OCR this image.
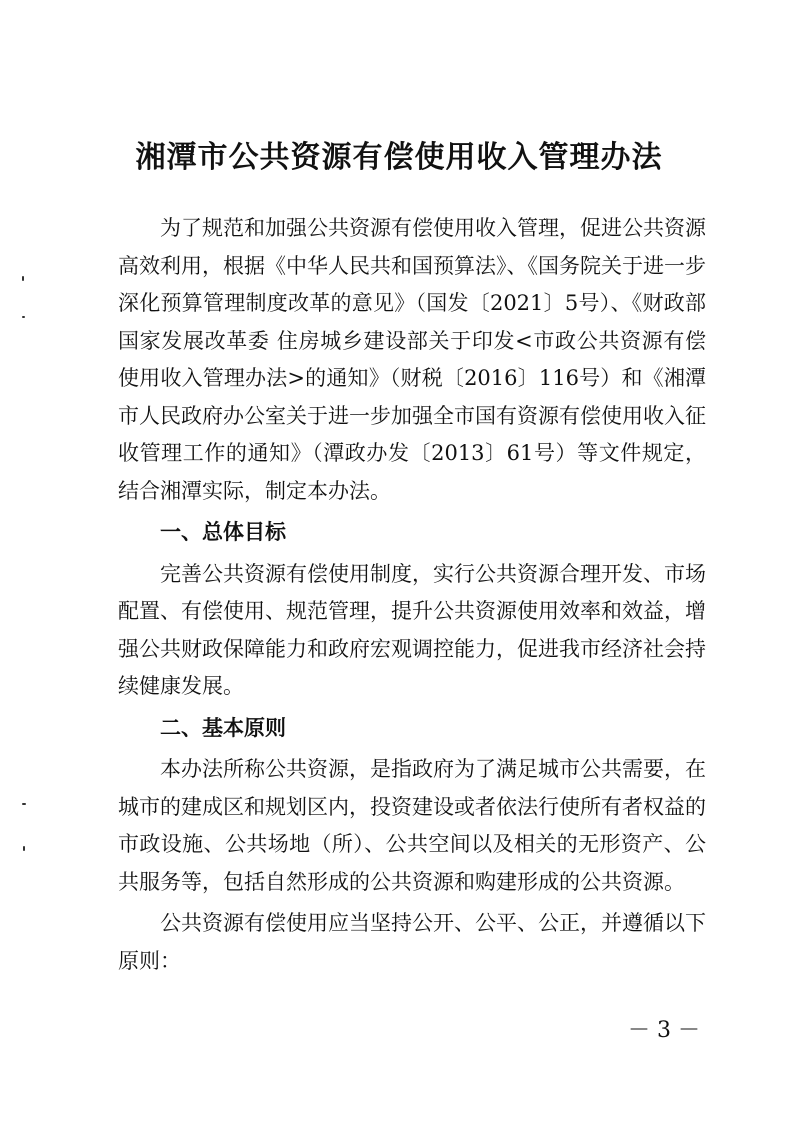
湘潭市公共资源有偿使用收入管理办法

为了规范和加强公共资源有偿使用收入管理，促进公共资源高效利用，根据《中华人民共和国预算法》、《国务院关于进一步深化预算管理制度改革的意见》（国发〔2021〕5号）、《财政部 国家发展改革委 住房城乡建设部关于印发<市政公共资源有偿使用收入管理办法>的通知》（财税〔2016〕116号）和《湘潭市人民政府办公室关于进一步加强全市国有资源有偿使用收入征收管理工作的通知》（潭政办发〔2013〕61号）等文件规定，结合湘潭实际，制定本办法。

一、总体目标

完善公共资源有偿使用制度，实行公共资源合理开发、市场配置、有偿使用、规范管理，提升公共资源使用效率和效益，增强公共财政保障能力和政府宏观调控能力，促进我市经济社会持续健康发展。

二、基本原则

本办法所称公共资源，是指政府为了满足城市公共需要，在城市的建成区和规划区内，投资建设或者依法行使所有者权益的市政设施、公共场地（所）、公共空间以及相关的无形资产、公共服务等，包括自然形成的公共资源和购建形成的公共资源。

公共资源有偿使用应当坚持公开、公平、公正，并遵循以下原则：

－ 3 －
